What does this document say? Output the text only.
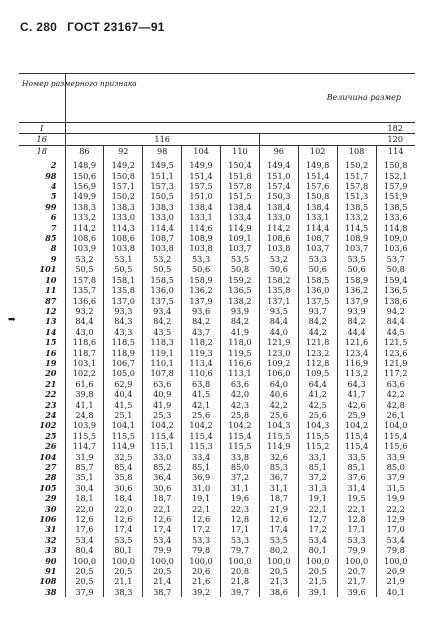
С. 280 ГОСТ 23167—91
➡
Номер размерного признака	Величина размер								
I	182								
16	116					120			
18	86	92	98	104	110	96	102	108	114

2	148,9	149,2	149,5	149,9	150,4	149,4	149,8	150,2	150,8
98	150,6	150,8	151,1	151,4	151,8	151,0	151,4	151,7	152,1
4	156,9	157,1	157,3	157,5	157,8	157,4	157,6	157,8	157,9
5	149,9	150,2	150,5	151,0	151,5	150,3	150,8	151,3	151,9
99	138,3	138,3	138,3	138,4	138,4	138,4	138,4	138,5	138,5
6	133,2	133,0	133,0	133,1	133,4	133,0	133,1	133,2	133,6
7	114,2	114,3	114,4	114,6	114,9	114,2	114,4	114,5	114,8
85	108,6	108,6	108,7	108,9	109,1	108,6	108,7	108,9	109,0
8	103,9	103,8	103,8	103,8	103,7	103,8	103,7	103,7	103,6
9	53,2	53,1	53,2	53,3	53,5	53,2	53,3	53,5	53,7
101	50,5	50,5	50,5	50,6	50,8	50,6	50,6	50,6	50,8
10	157,8	158,1	158,5	158,9	159,2	158,2	158,5	158,9	159,4
11	135,7	135,8	136,0	136,2	136,5	135,8	136,0	136,2	136,5
87	136,6	137,0	137,5	137,9	138,2	137,1	137,5	137,9	138,6
12	93,2	93,3	93,4	93,6	93,9	93,5	93,7	93,9	94,2
13	84,4	84,3	84,2	84,2	84,2	84,4	84,2	84,2	84,4
14	43,0	43,3	43,5	43,7	41,9	44,0	44,2	44,4	44,5
15	118,6	118,5	118,3	118,2	118,0	121,9	121,8	121,6	121,5
16	118,7	118,9	119,1	119,3	119,5	123,0	123,2	123,4	123,6
19	103,1	106,7	110,1	113,4	116,6	109,2	112,8	116,9	121,9
20	102,2	105,0	107,8	110,6	113,1	106,0	109,5	113,2	117,2
21	61,6	62,9	63,6	63,8	63,6	64,0	64,4	64,3	63,6
22	39,8	40,4	40,9	41,5	42,0	40,6	41,2	41,7	42,2
23	41,1	41,5	41,9	42,1	42,3	42,2	42,5	42,6	42,8
24	24,8	25,1	25,3	25,6	25,8	25,6	25,6	25,9	26,1
102	103,9	104,1	104,2	104,2	104,2	104,3	104,3	104,2	104,0
25	115,5	115,5	115,4	115,4	115,4	115,5	115,5	115,4	115,4
26	114,7	114,9	115,1	115,3	115,5	114,9	115,2	115,4	115,6
104	31,9	32,5	33,0	33,4	33,8	32,6	33,1	33,5	33,9
27	85,7	85,4	85,2	85,1	85,0	85,3	85,1	85,1	85,0
28	35,1	35,8	36,4	36,9	37,2	36,7	37,2	37,6	37,9
105	30,4	30,6	30,6	31,0	31,1	31,1	31,3	31,4	31,5
29	18,1	18,4	18,7	19,1	19,6	18,7	19,1	19,5	19,9
30	22,0	22,0	22,1	22,1	22,3	21,9	22,1	22,1	22,2
106	12,6	12,6	12,6	12,6	12,8	12,6	12,7	12,8	12,9
31	17,6	17,4	17,4	17,2	17,1	17,4	17,2	17,1	17,0
32	53,4	53,5	53,4	53,3	53,3	53,5	53,4	53,3	53,4
33	80,4	80,1	79,9	79,8	79,7	80,2	80,1	79,9	79,8
90	100,0	100,0	100,0	100,0	100,0	100,0	100,0	100,0	100,0
91	20,5	20,5	20,5	20,6	20,8	20,5	20,5	20,7	20,9
108	20,5	21,1	21,4	21,6	21,8	21,3	21,5	21,7	21,9
38	37,9	38,3	38,7	39,2	39,7	38,6	39,1	39,6	40,1
